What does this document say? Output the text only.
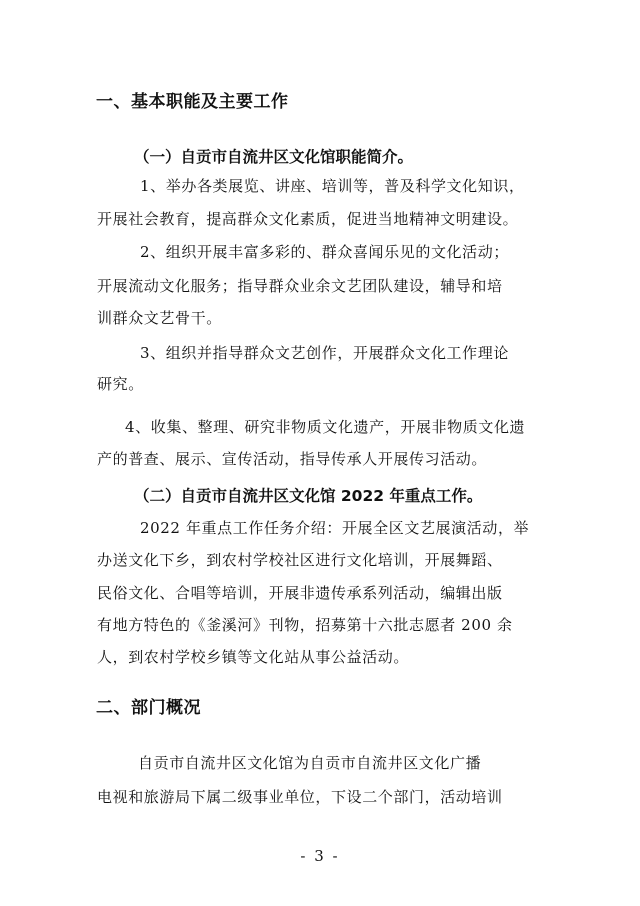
一、基本职能及主要工作
（一）自贡市自流井区文化馆职能简介。
1、举办各类展览、讲座、培训等，普及科学文化知识，
开展社会教育，提高群众文化素质，促进当地精神文明建设。
2、组织开展丰富多彩的、群众喜闻乐见的文化活动；
开展流动文化服务；指导群众业余文艺团队建设，辅导和培
训群众文艺骨干。
3、组织并指导群众文艺创作，开展群众文化工作理论
研究。
4、收集、整理、研究非物质文化遗产，开展非物质文化遗
产的普查、展示、宣传活动，指导传承人开展传习活动。
（二）自贡市自流井区文化馆 2022 年重点工作。
2022 年重点工作任务介绍：开展全区文艺展演活动，举
办送文化下乡，到农村学校社区进行文化培训，开展舞蹈、
民俗文化、合唱等培训，开展非遗传承系列活动，编辑出版
有地方特色的《釜溪河》刊物，招募第十六批志愿者 200 余
人，到农村学校乡镇等文化站从事公益活动。
二、部门概况
自贡市自流井区文化馆为自贡市自流井区文化广播
电视和旅游局下属二级事业单位，下设二个部门，活动培训
- 3 -
